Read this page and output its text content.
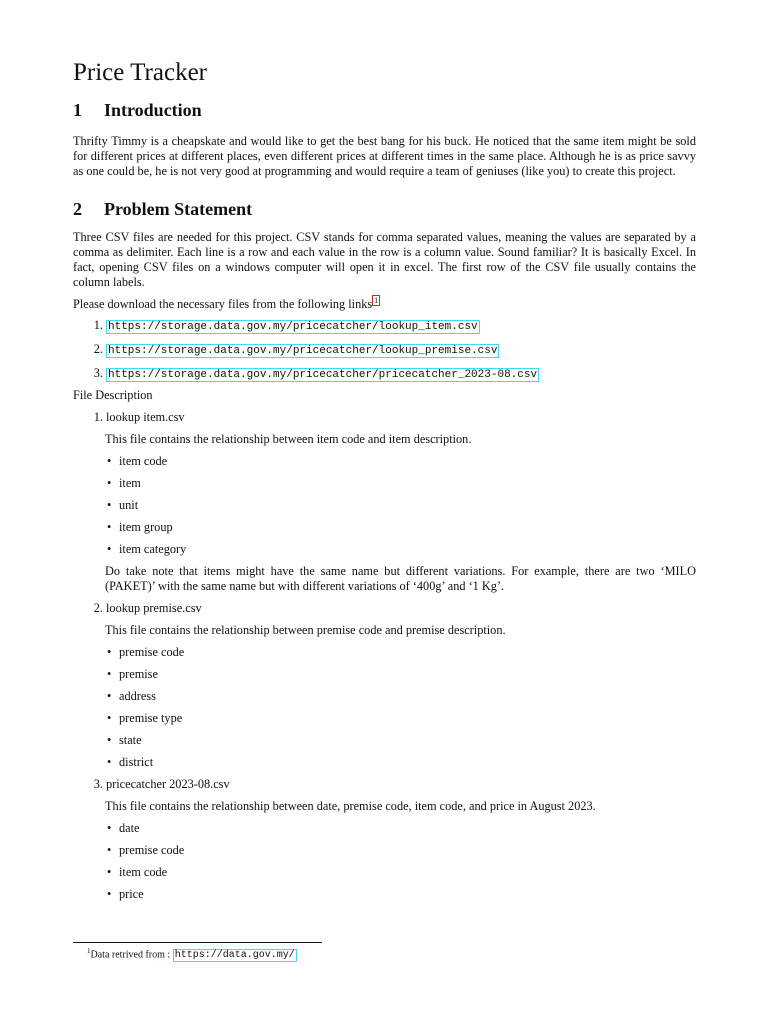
Price Tracker
1	Introduction

Thrifty Timmy is a cheapskate and would like to get the best bang for his buck. He noticed that the same item might be sold for different prices at different places, even different prices at different times in the same place. Although he is as price savvy as one could be, he is not very good at programming and would require a team of geniuses (like you) to create this project.

2	Problem Statement

Three CSV files are needed for this project. CSV stands for comma separated values, meaning the values are separated by a comma as delimiter. Each line is a row and each value in the row is a column value. Sound familiar? It is basically Excel. In fact, opening CSV files on a windows computer will open it in excel. The first row of the CSV file usually contains the column labels.

Please download the necessary files from the following links $^1$

1. https://storage.data.gov.my/pricecatcher/lookup_item.csv
2. https://storage.data.gov.my/pricecatcher/lookup_premise.csv
3. https://storage.data.gov.my/pricecatcher/pricecatcher_2023-08.csv

File Description

1. lookup item.csv
This file contains the relationship between item code and item description.
• item code
• item
• unit
• item group
• item category
Do take note that items might have the same name but different variations. For example, there are two ‘MILO (PAKET)’ with the same name but with different variations of ‘400g’ and ‘1 Kg’.
2. lookup premise.csv
This file contains the relationship between premise code and premise description.
• premise code
• premise
• address
• premise type
• state
• district
3. pricecatcher 2023-08.csv
This file contains the relationship between date, premise code, item code, and price in August 2023.
• date
• premise code
• item code
• price
$^1$Data retrived from : https://data.gov.my/
